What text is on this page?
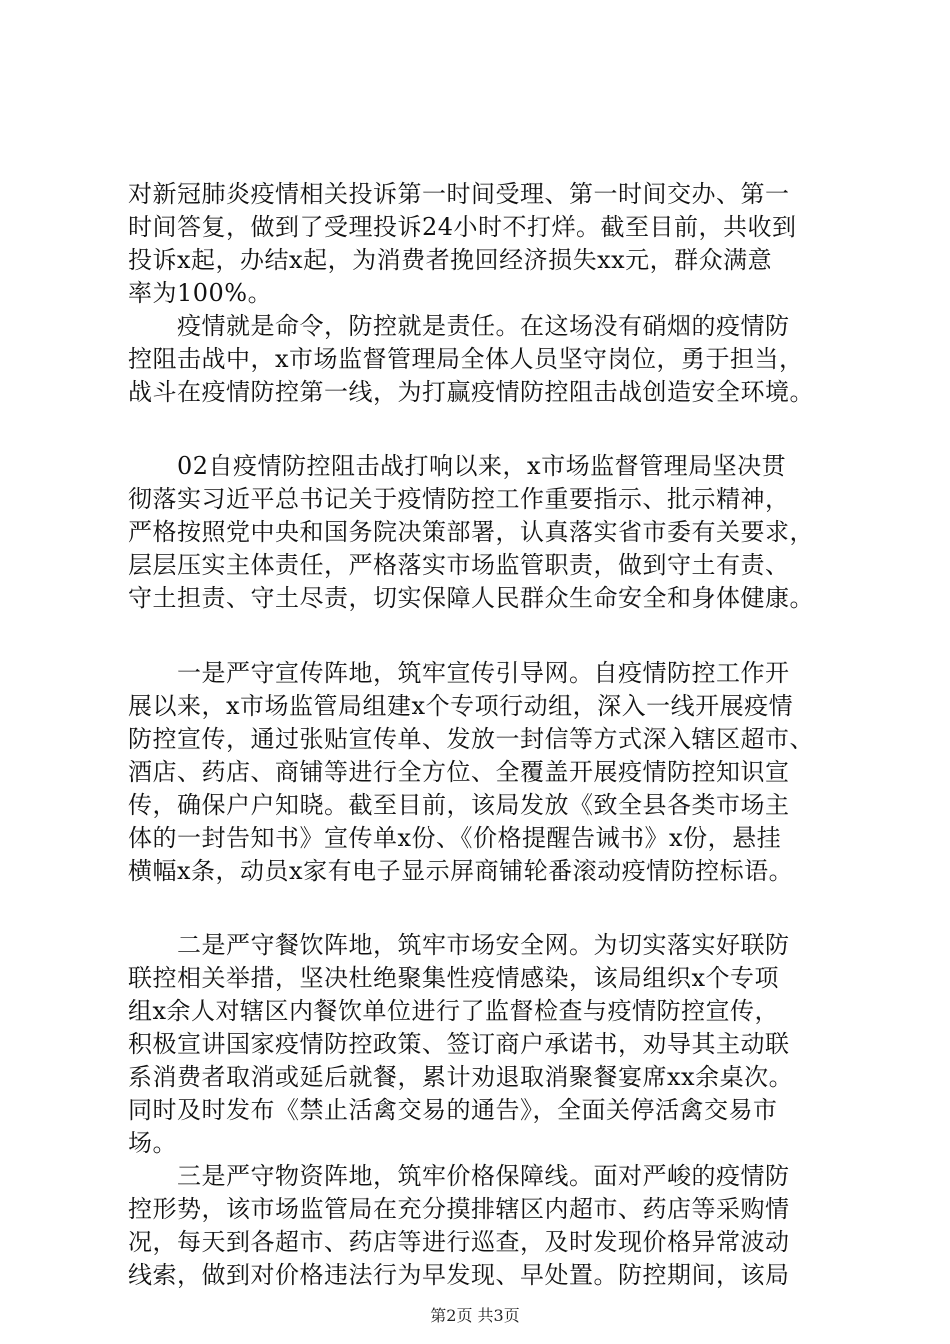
对新冠肺炎疫情相关投诉第一时间受理、第一时间交办、第一
时间答复，做到了受理投诉24小时不打烊。截至目前，共收到
投诉x起，办结x起，为消费者挽回经济损失xx元，群众满意
率为100%。
　　疫情就是命令，防控就是责任。在这场没有硝烟的疫情防
控阻击战中，x市场监督管理局全体人员坚守岗位，勇于担当，
战斗在疫情防控第一线，为打赢疫情防控阻击战创造安全环境。
　　02自疫情防控阻击战打响以来，x市场监督管理局坚决贯
彻落实习近平总书记关于疫情防控工作重要指示、批示精神，
严格按照党中央和国务院决策部署，认真落实省市委有关要求，
层层压实主体责任，严格落实市场监管职责，做到守土有责、
守土担责、守土尽责，切实保障人民群众生命安全和身体健康。
　　一是严守宣传阵地，筑牢宣传引导网。自疫情防控工作开
展以来，x市场监管局组建x个专项行动组，深入一线开展疫情
防控宣传，通过张贴宣传单、发放一封信等方式深入辖区超市、
酒店、药店、商铺等进行全方位、全覆盖开展疫情防控知识宣
传，确保户户知晓。截至目前，该局发放《致全县各类市场主
体的一封告知书》宣传单x份、《价格提醒告诫书》x份，悬挂
横幅x条，动员x家有电子显示屏商铺轮番滚动疫情防控标语。
　　二是严守餐饮阵地，筑牢市场安全网。为切实落实好联防
联控相关举措，坚决杜绝聚集性疫情感染，该局组织x个专项
组x余人对辖区内餐饮单位进行了监督检查与疫情防控宣传，
积极宣讲国家疫情防控政策、签订商户承诺书，劝导其主动联
系消费者取消或延后就餐，累计劝退取消聚餐宴席xx余桌次。
同时及时发布《禁止活禽交易的通告》，全面关停活禽交易市
场。
　　三是严守物资阵地，筑牢价格保障线。面对严峻的疫情防
控形势，该市场监管局在充分摸排辖区内超市、药店等采购情
况，每天到各超市、药店等进行巡查，及时发现价格异常波动
线索，做到对价格违法行为早发现、早处置。防控期间，该局
第2页 共3页
